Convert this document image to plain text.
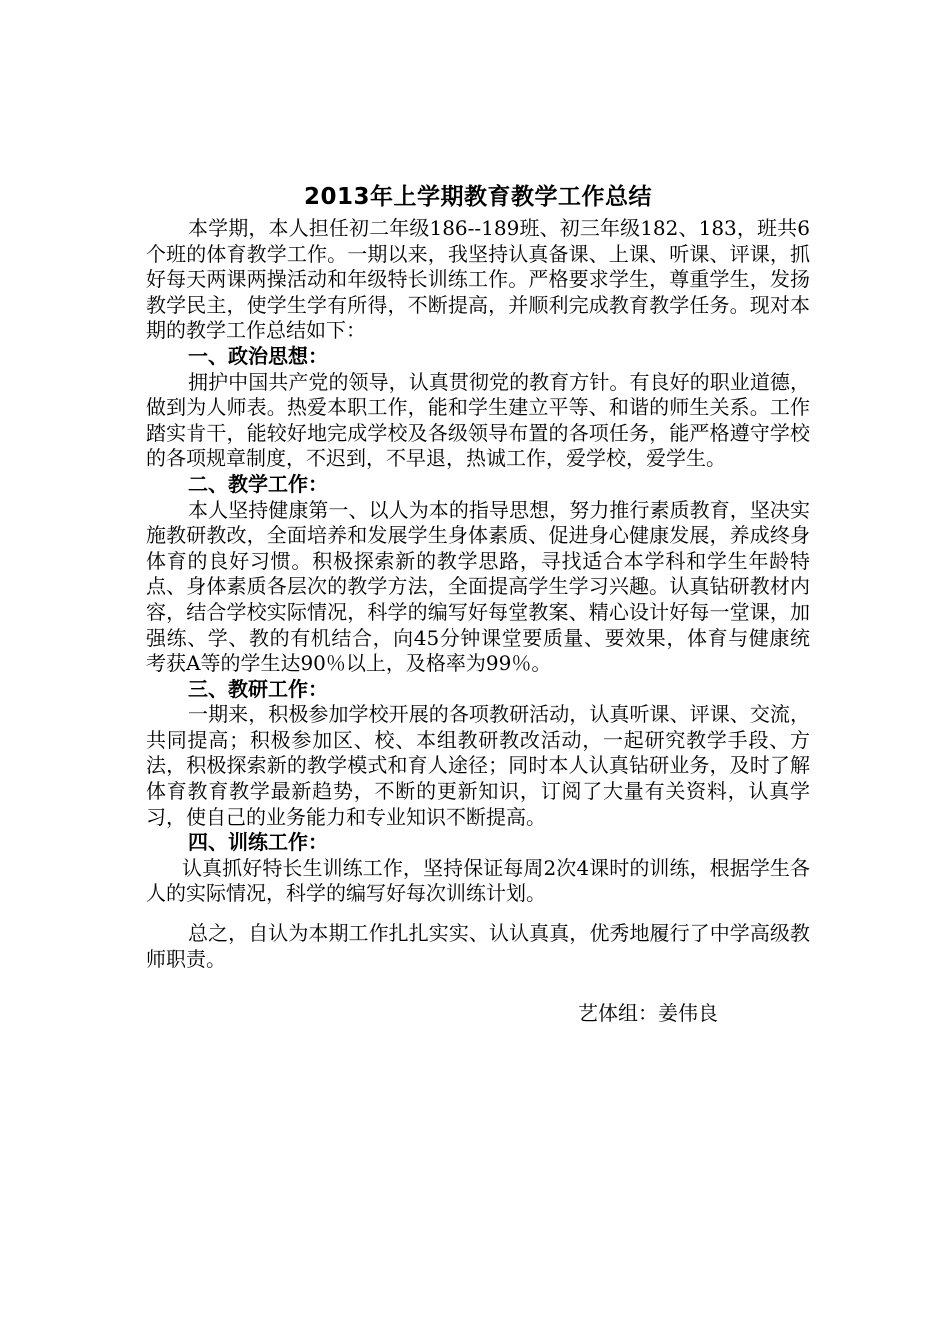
2013年上学期教育教学工作总结

本学期，本人担任初二年级186--189班、初三年级182、183，班共6个班的体育教学工作。一期以来，我坚持认真备课、上课、听课、评课，抓好每天两课两操活动和年级特长训练工作。严格要求学生，尊重学生，发扬教学民主，使学生学有所得，不断提高，并顺利完成教育教学任务。现对本期的教学工作总结如下：

一、政治思想：

拥护中国共产党的领导，认真贯彻党的教育方针。有良好的职业道德，做到为人师表。热爱本职工作，能和学生建立平等、和谐的师生关系。工作踏实肯干，能较好地完成学校及各级领导布置的各项任务，能严格遵守学校的各项规章制度，不迟到，不早退，热诚工作，爱学校，爱学生。

二、教学工作：

本人坚持健康第一、以人为本的指导思想，努力推行素质教育，坚决实施教研教改，全面培养和发展学生身体素质、促进身心健康发展，养成终身体育的良好习惯。积极探索新的教学思路，寻找适合本学科和学生年龄特点、身体素质各层次的教学方法，全面提高学生学习兴趣。认真钻研教材内容，结合学校实际情况，科学的编写好每堂教案、精心设计好每一堂课，加强练、学、教的有机结合，向45分钟课堂要质量、要效果，体育与健康统考获A等的学生达90％以上，及格率为99％。

三、教研工作：

一期来，积极参加学校开展的各项教研活动，认真听课、评课、交流，共同提高；积极参加区、校、本组教研教改活动，一起研究教学手段、方法，积极探索新的教学模式和育人途径；同时本人认真钻研业务，及时了解体育教育教学最新趋势，不断的更新知识，订阅了大量有关资料，认真学习，使自己的业务能力和专业知识不断提高。

四、训练工作：

认真抓好特长生训练工作，坚持保证每周2次4课时的训练，根据学生各人的实际情况，科学的编写好每次训练计划。

总之，自认为本期工作扎扎实实、认认真真，优秀地履行了中学高级教师职责。

艺体组：姜伟良
